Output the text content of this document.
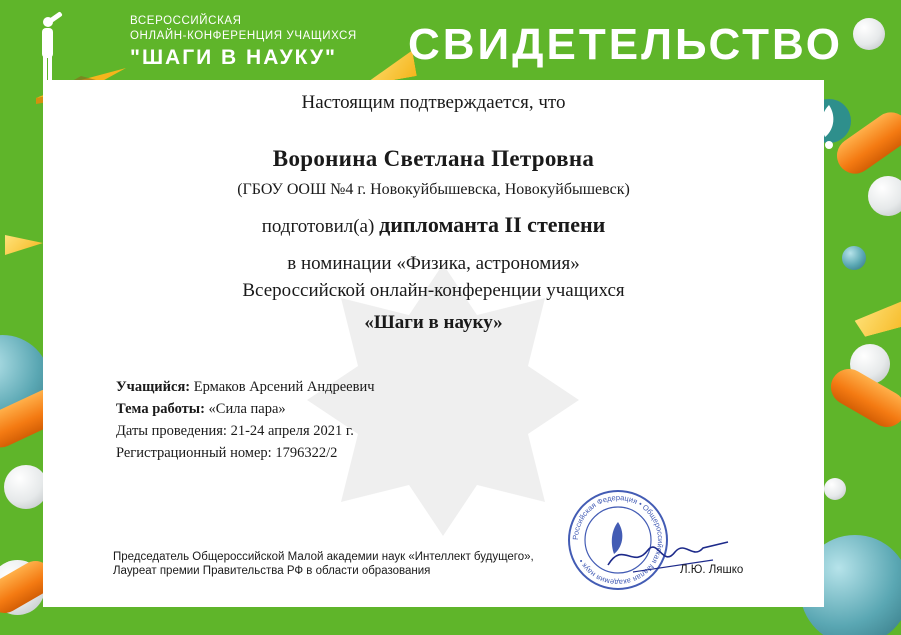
ВСЕРОССИЙСКАЯ
ОНЛАЙН-КОНФЕРЕНЦИЯ УЧАЩИХСЯ
"ШАГИ В НАУКУ" СВИДЕТЕЛЬСТВО
Настоящим подтверждается, что
Воронина Светлана Петровна
(ГБОУ ООШ №4 г. Новокуйбышевска, Новокуйбышевск)
подготовил(а) дипломанта II степени
в номинации «Физика, астрономия»
Всероссийской онлайн-конференции учащихся
«Шаги в науку»
Учащийся: Ермаков Арсений Андреевич
Тема работы: «Сила пара»
Даты проведения: 21-24 апреля 2021 г.
Регистрационный номер: 1796322/2
Российская Федерация • Общероссийская Малая академия наук •
Председатель Общероссийской Малой академии наук «Интеллект будущего»,
Лауреат премии Правительства РФ в области образования	Л.Ю. Ляшко
